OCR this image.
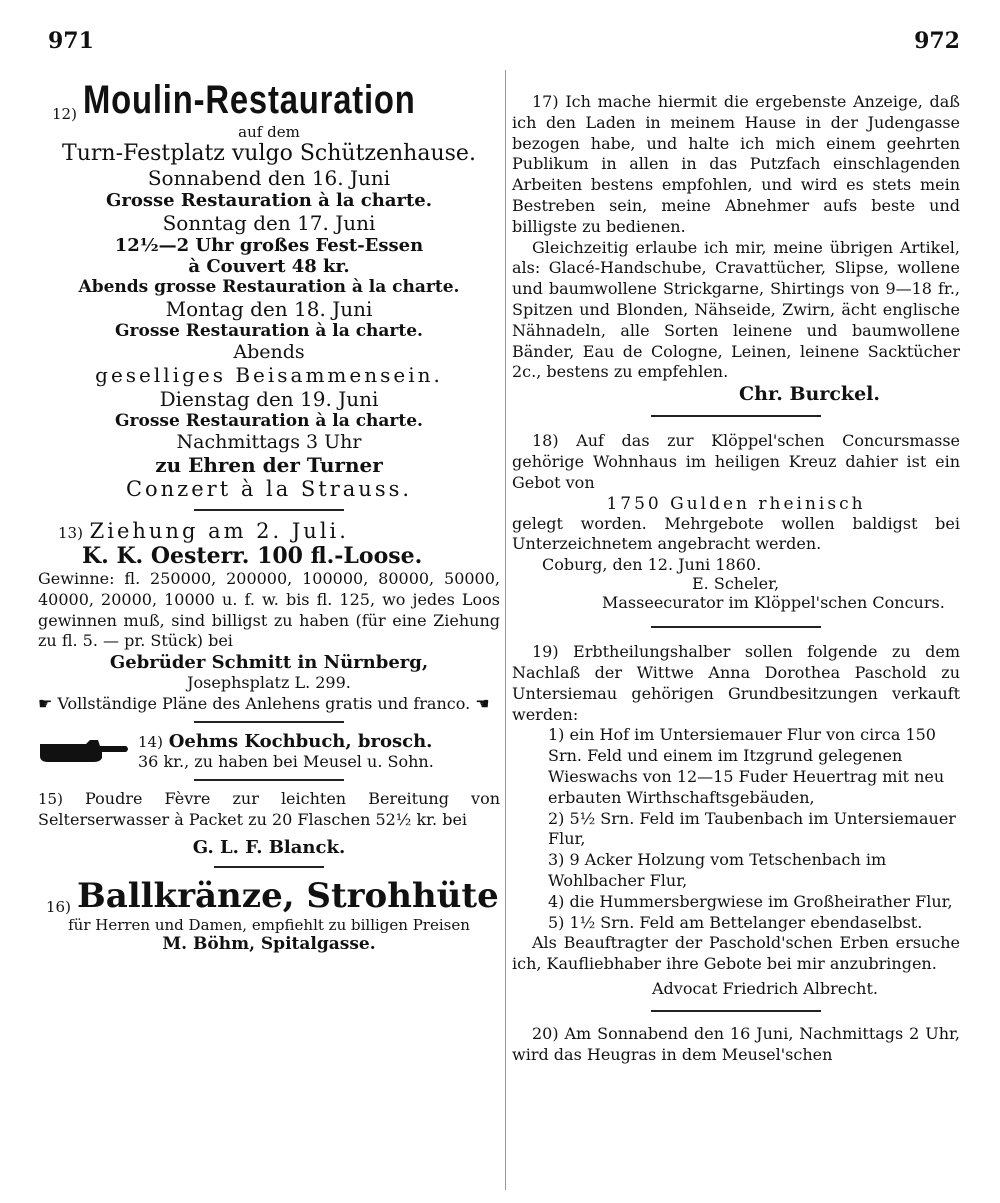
971	972
12) Moulin-Restauration
auf dem
Turn-Festplatz vulgo Schützenhause.
Sonnabend den 16. Juni
Grosse Restauration à la charte.
Sonntag den 17. Juni
12½—2 Uhr großes Fest-Essen
à Couvert 48 kr.
Abends grosse Restauration à la charte.
Montag den 18. Juni
Grosse Restauration à la charte.
Abends
geselliges Beisammensein.
Dienstag den 19. Juni
Grosse Restauration à la charte.
Nachmittags 3 Uhr
zu Ehren der Turner
Conzert à la Strauss.
13) Ziehung am 2. Juli.
K. K. Oesterr. 100 fl.-Loose.

Gewinne: fl. 250000, 200000, 100000, 80000, 50000, 40000, 20000, 10000 u. f. w. bis fl. 125, wo jedes Loos gewinnen muß, sind billigst zu haben (für eine Ziehung zu fl. 5. — pr. Stück) bei

Gebrüder Schmitt in Nürnberg,
Josephsplatz L. 299.
☛ Vollständige Pläne des Anlehens gratis und franco. ☚
14) Oehms Kochbuch, brosch.
36 kr., zu haben bei Meusel u. Sohn.

15) Poudre Fèvre zur leichten Bereitung von Selterserwasser à Packet zu 20 Flaschen 52½ kr. bei

G. L. F. Blanck.
16) Ballkränze, Strohhüte
für Herren und Damen, empfiehlt zu billigen Preisen
M. Böhm, Spitalgasse.

17) Ich mache hiermit die ergebenste Anzeige, daß ich den Laden in meinem Hause in der Judengasse bezogen habe, und halte ich mich einem geehrten Publikum in allen in das Putzfach einschlagenden Arbeiten bestens empfohlen, und wird es stets mein Bestreben sein, meine Abnehmer aufs beste und billigste zu bedienen.

Gleichzeitig erlaube ich mir, meine übrigen Artikel, als: Glacé-Handschube, Cravattücher, Slipse, wollene und baumwollene Strickgarne, Shirtings von 9—18 fr., Spitzen und Blonden, Nähseide, Zwirn, ächt englische Nähnadeln, alle Sorten leinene und baumwollene Bänder, Eau de Cologne, Leinen, leinene Sacktücher 2c., bestens zu empfehlen.

Chr. Burckel.

18) Auf das zur Klöppel'schen Concursmasse gehörige Wohnhaus im heiligen Kreuz dahier ist ein Gebot von

1750 Gulden rheinisch

gelegt worden. Mehrgebote wollen baldigst bei Unterzeichnetem angebracht werden.

Coburg, den 12. Juni 1860.
E. Scheler,
Masseecurator im Klöppel'schen Concurs.

19) Erbtheilungshalber sollen folgende zu dem Nachlaß der Wittwe Anna Dorothea Paschold zu Untersiemau gehörigen Grundbesitzungen verkauft werden:

1) ein Hof im Untersiemauer Flur von circa 150 Srn. Feld und einem im Itzgrund gelegenen Wieswachs von 12—15 Fuder Heuertrag mit neu erbauten Wirthschaftsgebäuden,
2) 5½ Srn. Feld im Taubenbach im Untersiemauer Flur,
3) 9 Acker Holzung vom Tetschenbach im Wohlbacher Flur,
4) die Hummersbergwiese im Großheirather Flur,
5) 1½ Srn. Feld am Bettelanger ebendaselbst.

Als Beauftragter der Paschold'schen Erben ersuche ich, Kaufliebhaber ihre Gebote bei mir anzubringen.

Advocat Friedrich Albrecht.

20) Am Sonnabend den 16 Juni, Nachmittags 2 Uhr, wird das Heugras in dem Meusel'schen
